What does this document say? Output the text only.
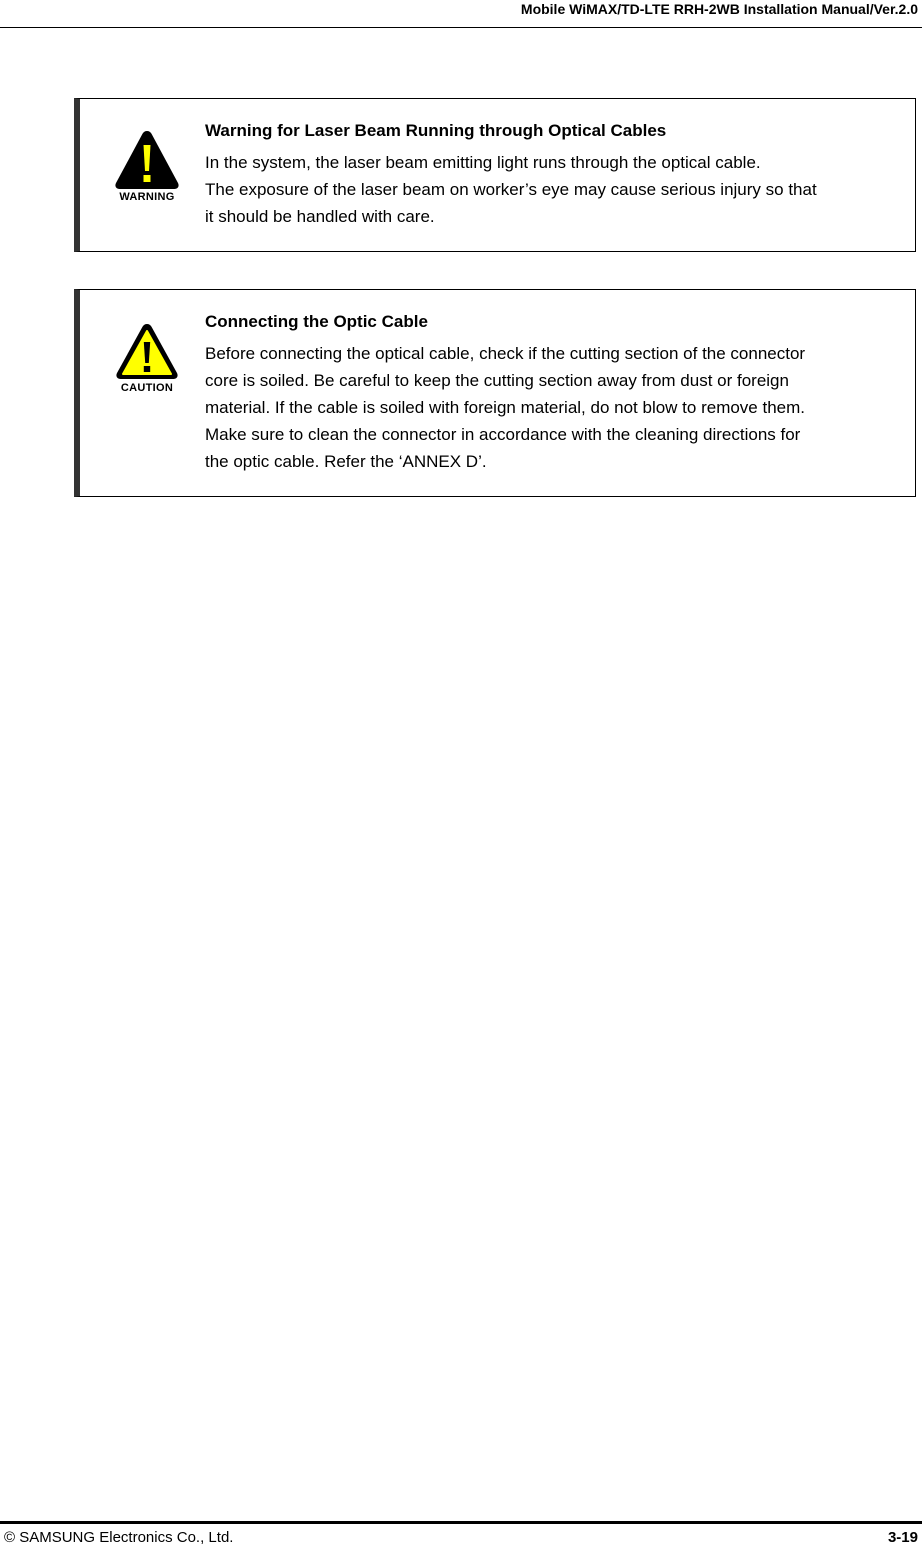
Mobile WiMAX/TD-LTE RRH-2WB Installation Manual/Ver.2.0
WARNING

Warning for Laser Beam Running through Optical Cables

In the system, the laser beam emitting light runs through the optical cable.

The exposure of the laser beam on worker’s eye may cause serious injury so that

it should be handled with care.

CAUTION

Connecting the Optic Cable

Before connecting the optical cable, check if the cutting section of the connector

core is soiled. Be careful to keep the cutting section away from dust or foreign

material. If the cable is soiled with foreign material, do not blow to remove them.

Make sure to clean the connector in accordance with the cleaning directions for

the optic cable. Refer the ‘ANNEX D’.

© SAMSUNG Electronics Co., Ltd.	3-19
